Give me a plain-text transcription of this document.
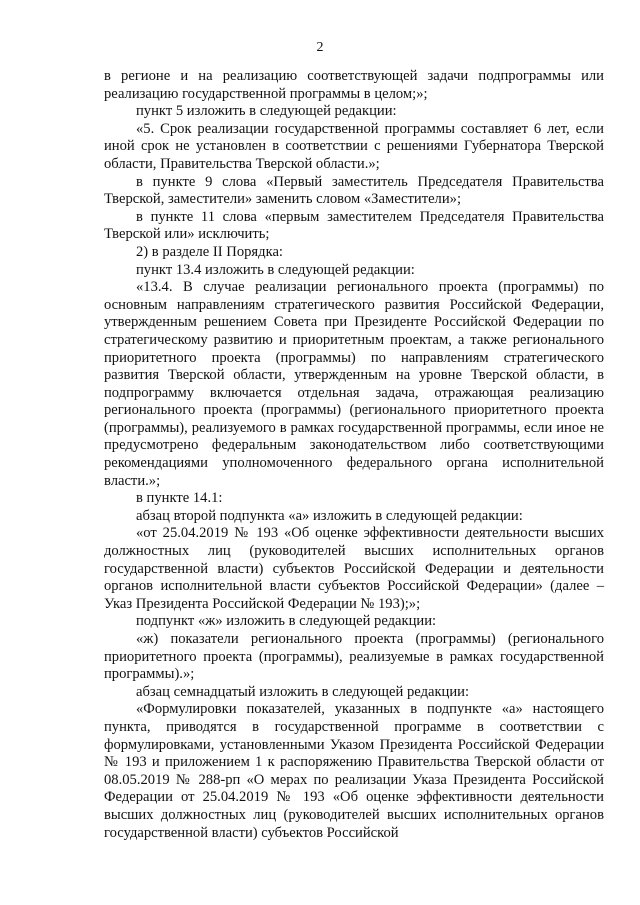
2

в регионе и на реализацию соответствующей задачи подпрограммы или реализацию государственной программы в целом;»;

пункт 5 изложить в следующей редакции:

«5. Срок реализации государственной программы составляет 6 лет, если иной срок не установлен в соответствии с решениями Губернатора Тверской области, Правительства Тверской области.»;

в пункте 9 слова «Первый заместитель Председателя Правительства Тверской, заместители» заменить словом «Заместители»;

в пункте 11 слова «первым заместителем Председателя Правительства Тверской или» исключить;

2) в разделе II Порядка:

пункт 13.4 изложить в следующей редакции:

«13.4. В случае реализации регионального проекта (программы) по основным направлениям стратегического развития Российской Федерации, утвержденным решением Совета при Президенте Российской Федерации по стратегическому развитию и приоритетным проектам, а также регионального приоритетного проекта (программы) по направлениям стратегического развития Тверской области, утвержденным на уровне Тверской области, в подпрограмму включается отдельная задача, отражающая реализацию регионального проекта (программы) (регионального приоритетного проекта (программы), реализуемого в рамках государственной программы, если иное не предусмотрено федеральным законодательством либо соответствующими рекомендациями уполномоченного федерального органа исполнительной власти.»;

в пункте 14.1:

абзац второй подпункта «а» изложить в следующей редакции:

«от 25.04.2019 № 193 «Об оценке эффективности деятельности высших должностных лиц (руководителей высших исполнительных органов государственной власти) субъектов Российской Федерации и деятельности органов исполнительной власти субъектов Российской Федерации» (далее – Указ Президента Российской Федерации № 193);»;

подпункт «ж» изложить в следующей редакции:

«ж) показатели регионального проекта (программы) (регионального приоритетного проекта (программы), реализуемые в рамках государственной программы).»;

абзац семнадцатый изложить в следующей редакции:

«Формулировки показателей, указанных в подпункте «а» настоящего пункта, приводятся в государственной программе в соответствии с формулировками, установленными Указом Президента Российской Федерации № 193 и приложением 1 к распоряжению Правительства Тверской области от 08.05.2019 № 288-рп «О мерах по реализации Указа Президента Российской Федерации от 25.04.2019 № 193 «Об оценке эффективности деятельности высших должностных лиц (руководителей высших исполнительных органов государственной власти) субъектов Российской
